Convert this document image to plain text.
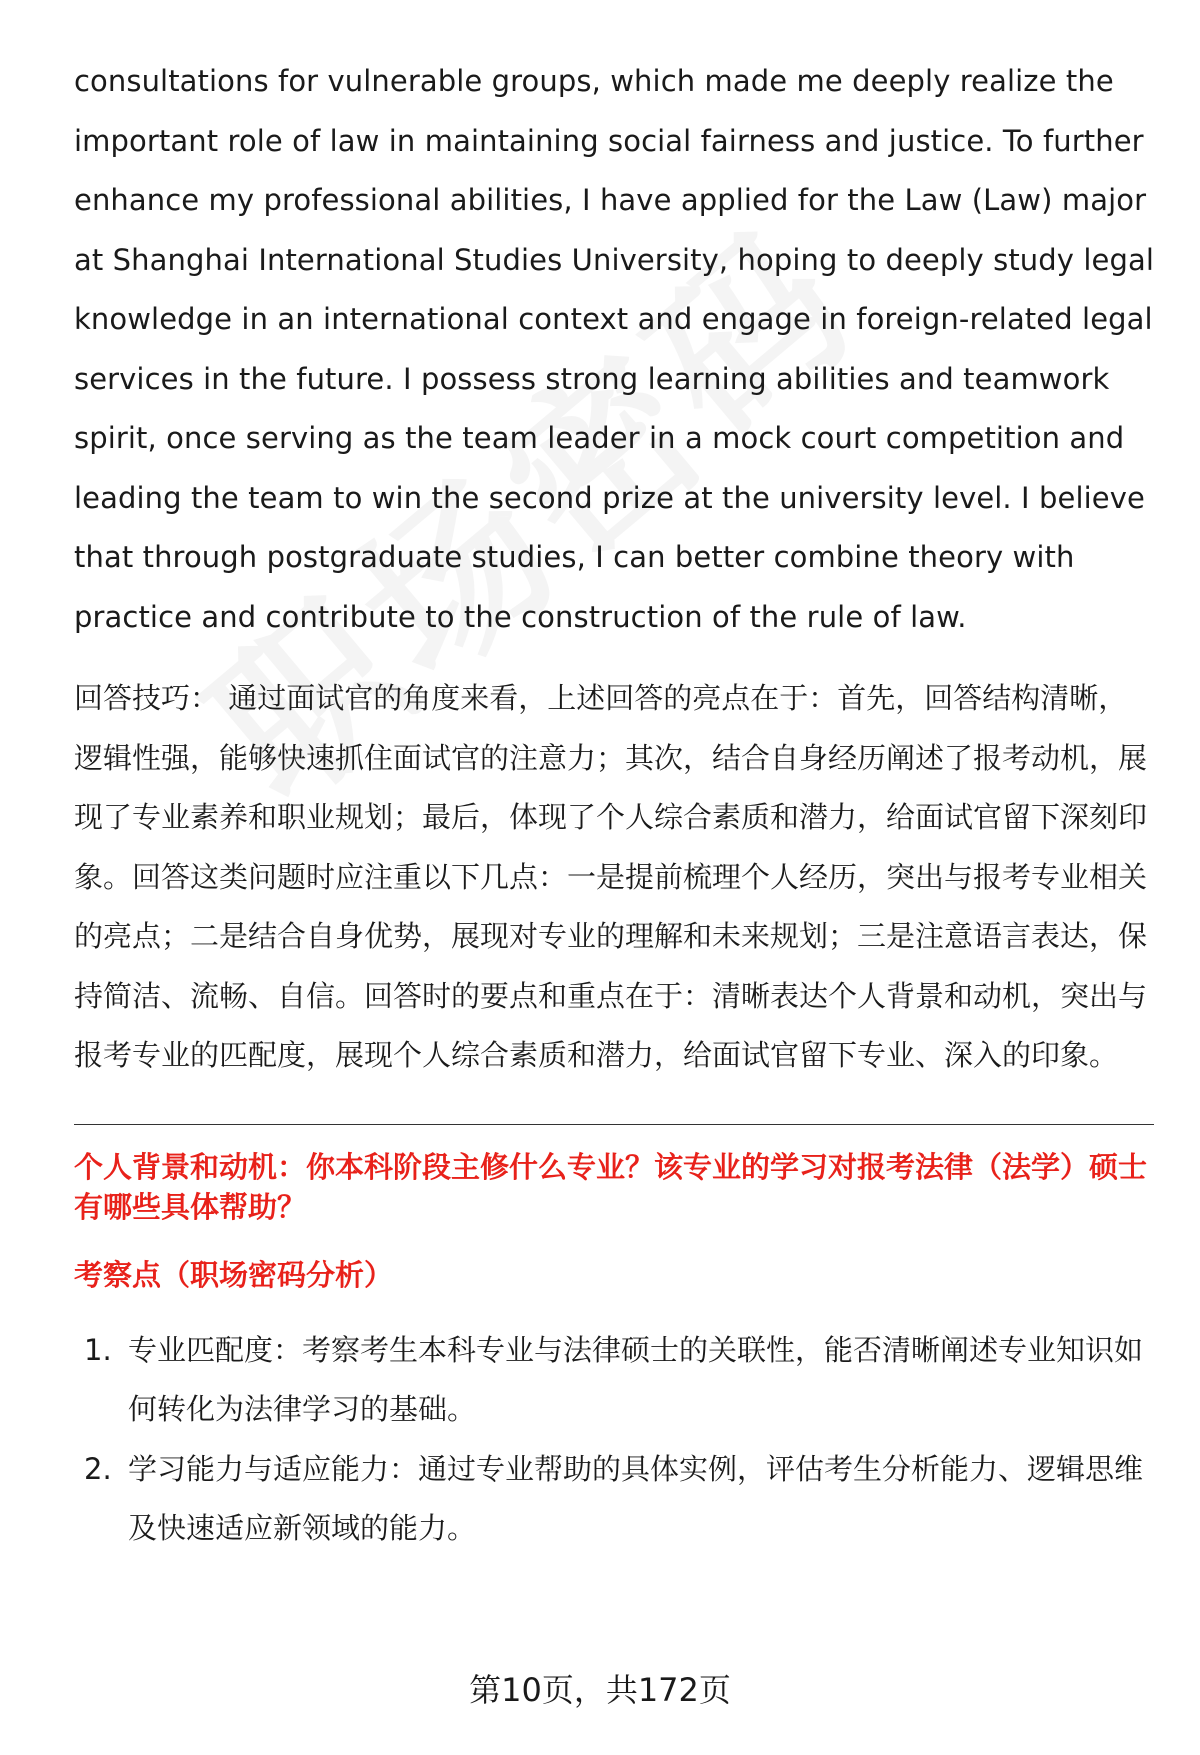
consultations for vulnerable groups, which made me deeply realize the important role of law in maintaining social fairness and justice. To further enhance my professional abilities, I have applied for the Law (Law) major at Shanghai International Studies University, hoping to deeply study legal knowledge in an international context and engage in foreign-related legal services in the future. I possess strong learning abilities and teamwork spirit, once serving as the team leader in a mock court competition and leading the team to win the second prize at the university level. I believe that through postgraduate studies, I can better combine theory with practice and contribute to the construction of the rule of law.

回答技巧： 通过面试官的角度来看，上述回答的亮点在于：首先，回答结构清晰，逻辑性强，能够快速抓住面试官的注意力；其次，结合自身经历阐述了报考动机，展现了专业素养和职业规划；最后，体现了个人综合素质和潜力，给面试官留下深刻印象。回答这类问题时应注重以下几点：一是提前梳理个人经历，突出与报考专业相关的亮点；二是结合自身优势，展现对专业的理解和未来规划；三是注意语言表达，保持简洁、流畅、自信。回答时的要点和重点在于：清晰表达个人背景和动机，突出与报考专业的匹配度，展现个人综合素质和潜力，给面试官留下专业、深入的印象。

个人背景和动机：你本科阶段主修什么专业？该专业的学习对报考法律（法学）硕士有哪些具体帮助？
考察点（职场密码分析）
1. 专业匹配度：考察考生本科专业与法律硕士的关联性，能否清晰阐述专业知识如何转化为法律学习的基础。
2. 学习能力与适应能力：通过专业帮助的具体实例，评估考生分析能力、逻辑思维及快速适应新领域的能力。
第10页，共172页
